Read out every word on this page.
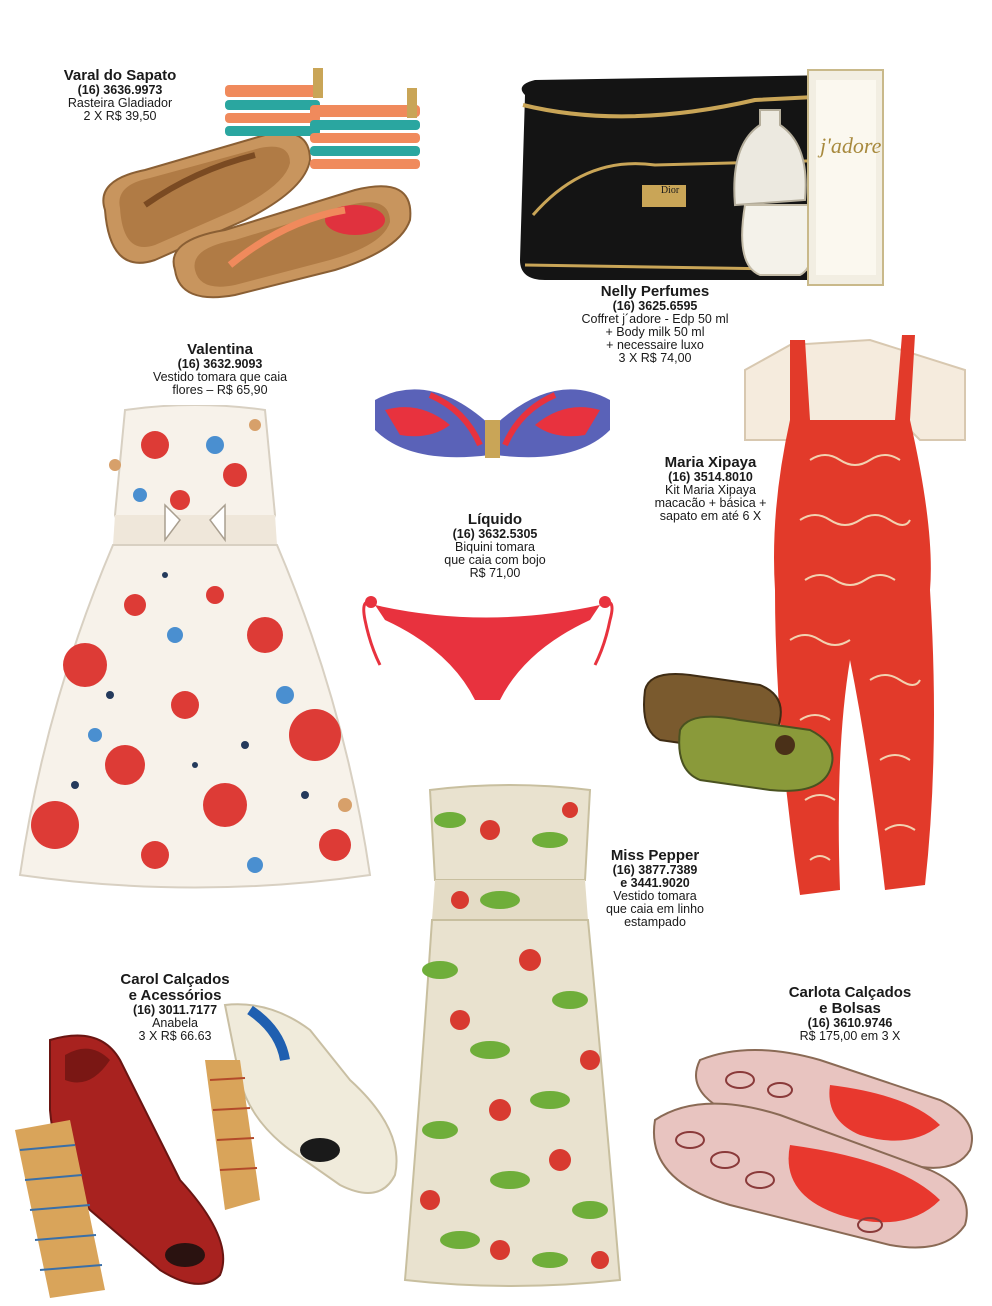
Varal do Sapato
(16) 3636.9973
Rasteira Gladiador
2 X R$ 39,50
j'adore
Dior
Nelly Perfumes
(16) 3625.6595
Coffret j´adore - Edp 50 ml
+ Body milk 50 ml
+ necessaire luxo
3 X R$ 74,00
Valentina
(16) 3632.9093
Vestido tomara que caia
flores – R$ 65,90
Líquido
(16) 3632.5305
Biquini tomara
que caia com bojo
R$ 71,00
Maria Xipaya
(16) 3514.8010
Kit Maria Xipaya
macacão + básica +
sapato em até 6 X
Miss Pepper
(16) 3877.7389
e 3441.9020
Vestido tomara
que caia em linho
estampado
Carol Calçados
e Acessórios
(16) 3011.7177
Anabela
3 X R$ 66.63
Carlota Calçados
e Bolsas
(16) 3610.9746
R$ 175,00 em 3 X
